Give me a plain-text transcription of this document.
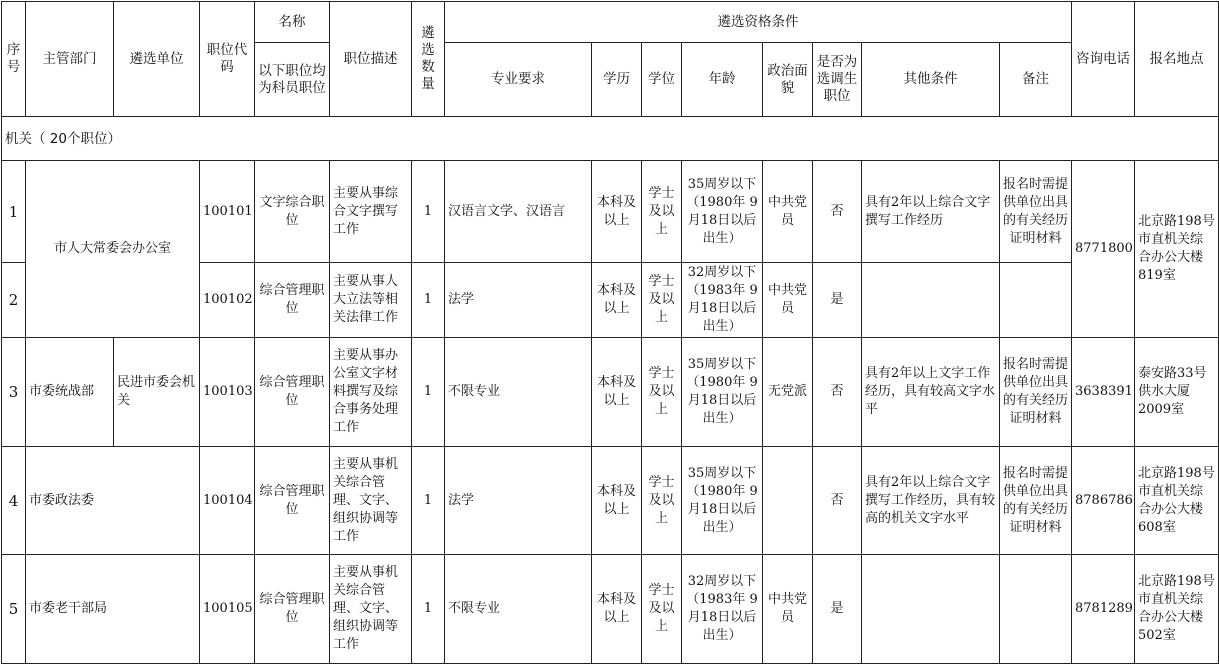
序号	主管部门	遴选单位	职位代码	名称	职位描述	遴选数量	遴选资格条件								咨询电话	报名地点
				以下职位均为科员职位			专业要求	学历	学位	年龄	政治面貌	是否为选调生职位	其他条件	备注		
机关（ 20个职位）																
1	市人大常委会办公室		100101	文字综合职位	主要从事综合文字撰写工作	1	汉语言文学、汉语言	本科及以上	学士及以上	35周岁以下（1980年 9月18日以后出生）	中共党员	否	具有2年以上综合文字撰写工作经历	报名时需提供单位出具的有关经历证明材料	8771800	北京路198号市直机关综合办公大楼819室
2			100102	综合管理职位	主要从事人大立法等相关法律工作	1	法学	本科及以上	学士及以上	32周岁以下（1983年 9月18日以后出生）	中共党员	是				
3	市委统战部	民进市委会机关	100103	综合管理职位	主要从事办公室文字材料撰写及综合事务处理工作	1	不限专业	本科及以上	学士及以上	35周岁以下（1980年 9月18日以后出生）	无党派	否	具有2年以上文字工作经历，具有较高文字水平	报名时需提供单位出具的有关经历证明材料	3638391	泰安路33号供水大厦2009室
4	市委政法委		100104	综合管理职位	主要从事机关综合管理、文字、组织协调等工作	1	法学	本科及以上	学士及以上	35周岁以下（1980年 9月18日以后出生）		否	具有2年以上综合文字撰写工作经历，具有较高的机关文字水平	报名时需提供单位出具的有关经历证明材料	8786786	北京路198号市直机关综合办公大楼608室
5	市委老干部局		100105	综合管理职位	主要从事机关综合管理、文字、组织协调等工作	1	不限专业	本科及以上	学士及以上	32周岁以下（1983年 9月18日以后出生）	中共党员	是			8781289	北京路198号市直机关综合办公大楼502室
